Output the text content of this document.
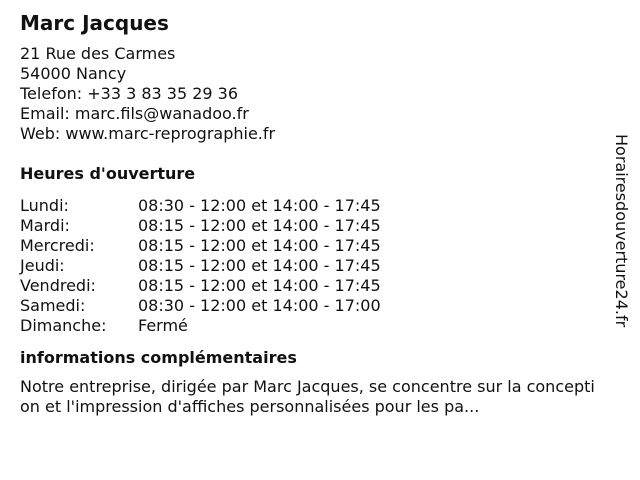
Marc Jacques
21 Rue des Carmes
54000 Nancy
Telefon: +33 3 83 35 29 36
Email: marc.fils@wanadoo.fr
Web: www.marc-reprographie.fr
Heures d'ouverture
Lundi:	08:30 - 12:00 et 14:00 - 17:45
Mardi:	08:15 - 12:00 et 14:00 - 17:45
Mercredi:	08:15 - 12:00 et 14:00 - 17:45
Jeudi:	08:15 - 12:00 et 14:00 - 17:45
Vendredi:	08:15 - 12:00 et 14:00 - 17:45
Samedi:	08:30 - 12:00 et 14:00 - 17:00
Dimanche:	Fermé
informations complémentaires
Notre entreprise, dirigée par Marc Jacques, se concentre sur la conception et l'impression d'affiches personnalisées pour les pa...
Horairesdouverture24.fr
